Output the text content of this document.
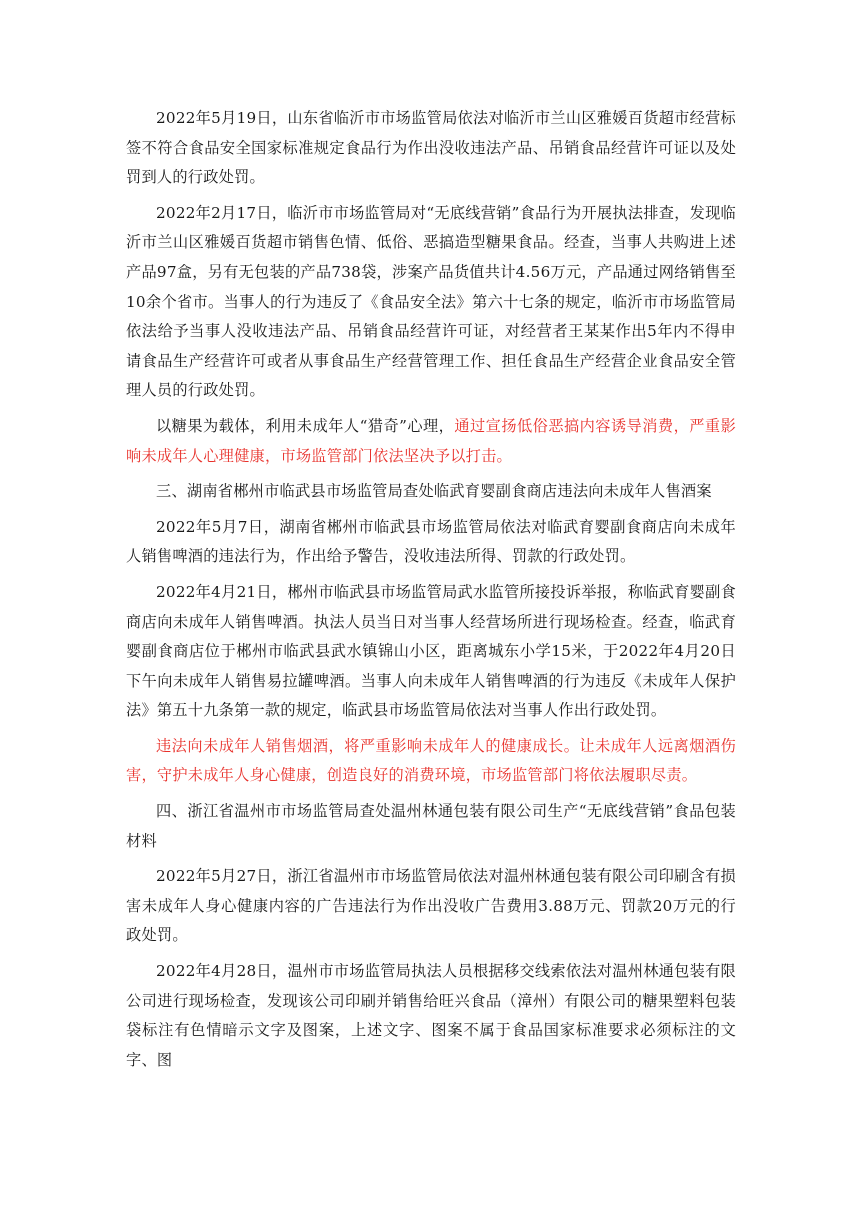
2022年5月19日，山东省临沂市市场监管局依法对临沂市兰山区雅媛百货超市经营标签不符合食品安全国家标准规定食品行为作出没收违法产品、吊销食品经营许可证以及处罚到人的行政处罚。

2022年2月17日，临沂市市场监管局对“无底线营销”食品行为开展执法排查，发现临沂市兰山区雅媛百货超市销售色情、低俗、恶搞造型糖果食品。经查，当事人共购进上述产品97盒，另有无包装的产品738袋，涉案产品货值共计4.56万元，产品通过网络销售至10余个省市。当事人的行为违反了《食品安全法》第六十七条的规定，临沂市市场监管局依法给予当事人没收违法产品、吊销食品经营许可证，对经营者王某某作出5年内不得申请食品生产经营许可或者从事食品生产经营管理工作、担任食品生产经营企业食品安全管理人员的行政处罚。

以糖果为载体，利用未成年人“猎奇”心理，通过宣扬低俗恶搞内容诱导消费，严重影响未成年人心理健康，市场监管部门依法坚决予以打击。

三、湖南省郴州市临武县市场监管局查处临武育婴副食商店违法向未成年人售酒案

2022年5月7日，湖南省郴州市临武县市场监管局依法对临武育婴副食商店向未成年人销售啤酒的违法行为，作出给予警告，没收违法所得、罚款的行政处罚。

2022年4月21日，郴州市临武县市场监管局武水监管所接投诉举报，称临武育婴副食商店向未成年人销售啤酒。执法人员当日对当事人经营场所进行现场检查。经查，临武育婴副食商店位于郴州市临武县武水镇锦山小区，距离城东小学15米，于2022年4月20日下午向未成年人销售易拉罐啤酒。当事人向未成年人销售啤酒的行为违反《未成年人保护法》第五十九条第一款的规定，临武县市场监管局依法对当事人作出行政处罚。

违法向未成年人销售烟酒，将严重影响未成年人的健康成长。让未成年人远离烟酒伤害，守护未成年人身心健康，创造良好的消费环境，市场监管部门将依法履职尽责。

四、浙江省温州市市场监管局查处温州林通包装有限公司生产“无底线营销”食品包装材料

2022年5月27日，浙江省温州市市场监管局依法对温州林通包装有限公司印刷含有损害未成年人身心健康内容的广告违法行为作出没收广告费用3.88万元、罚款20万元的行政处罚。

2022年4月28日，温州市市场监管局执法人员根据移交线索依法对温州林通包装有限公司进行现场检查，发现该公司印刷并销售给旺兴食品（漳州）有限公司的糖果塑料包装袋标注有色情暗示文字及图案，上述文字、图案不属于食品国家标准要求必须标注的文字、图
